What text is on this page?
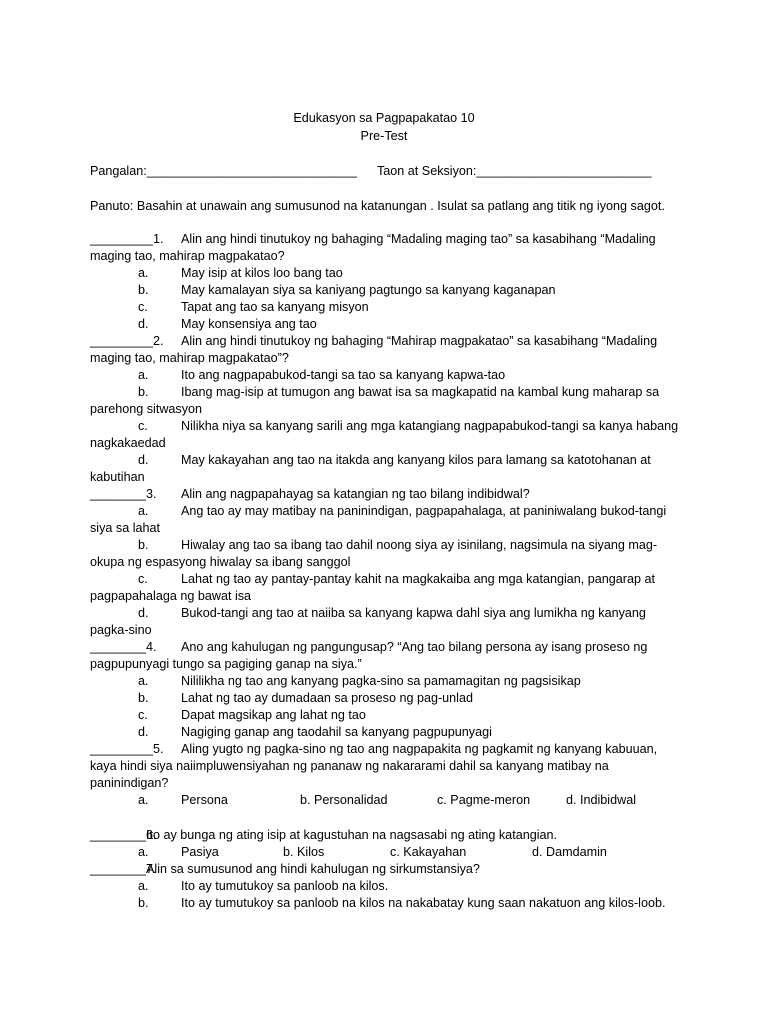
Edukasyon sa Pagpapakatao 10
Pre-Test
Pangalan:______________________________ Taon at Seksiyon:_________________________
Panuto: Basahin at unawain ang sumusunod na katanungan . Isulat sa patlang ang titik ng iyong sagot.
_________1. Alin ang hindi tinutukoy ng bahaging “Madaling maging tao” sa kasabihang “Madaling
maging tao, mahirap magpakatao?
a.	May isip at kilos loo bang tao
b.	May kamalayan siya sa kaniyang pagtungo sa kanyang kaganapan
c.	Tapat ang tao sa kanyang misyon
d.	May konsensiya ang tao
_________2. Alin ang hindi tinutukoy ng bahaging “Mahirap magpakatao” sa kasabihang “Madaling
maging tao, mahirap magpakatao”?
a.	Ito ang nagpapabukod-tangi sa tao sa kanyang kapwa-tao
b.	Ibang mag-isip at tumugon ang bawat isa sa magkapatid na kambal kung maharap sa
parehong sitwasyon
c.	Nilikha niya sa kanyang sarili ang mga katangiang nagpapabukod-tangi sa kanya habang
nagkakaedad
d.	May kakayahan ang tao na itakda ang kanyang kilos para lamang sa katotohanan at
kabutihan
________3. Alin ang nagpapahayag sa katangian ng tao bilang indibidwal?
a.	Ang tao ay may matibay na paninindigan, pagpapahalaga, at paniniwalang bukod-tangi
siya sa lahat
b.	Hiwalay ang tao sa ibang tao dahil noong siya ay isinilang, nagsimula na siyang mag-
okupa ng espasyong hiwalay sa ibang sanggol
c.	Lahat ng tao ay pantay-pantay kahit na magkakaiba ang mga katangian, pangarap at
pagpapahalaga ng bawat isa
d.	Bukod-tangi ang tao at naiiba sa kanyang kapwa dahl siya ang lumikha ng kanyang
pagka-sino
________4. Ano ang kahulugan ng pangungusap? “Ang tao bilang persona ay isang proseso ng
pagpupunyagi tungo sa pagiging ganap na siya.”
a.	Nililikha ng tao ang kanyang pagka-sino sa pamamagitan ng pagsisikap
b.	Lahat ng tao ay dumadaan sa proseso ng pag-unlad
c.	Dapat magsikap ang lahat ng tao
d.	Nagiging ganap ang taodahil sa kanyang pagpupunyagi
_________5. Aling yugto ng pagka-sino ng tao ang nagpapakita ng pagkamit ng kanyang kabuuan,
kaya hindi siya naiimpluwensiyahan ng pananaw ng nakararami dahil sa kanyang matibay na
paninindigan?
a.	Persona	b. Personalidad	c. Pagme-meron	d. Indibidwal
________6.
Ito ay bunga ng ating isip at kagustuhan na nagsasabi ng ating katangian.
a.	Pasiya	b. Kilos	c. Kakayahan	d. Damdamin
________7.
Alin sa sumusunod ang hindi kahulugan ng sirkumstansiya?
a.	Ito ay tumutukoy sa panloob na kilos.
b.	Ito ay tumutukoy sa panloob na kilos na nakabatay kung saan nakatuon ang kilos-loob.
